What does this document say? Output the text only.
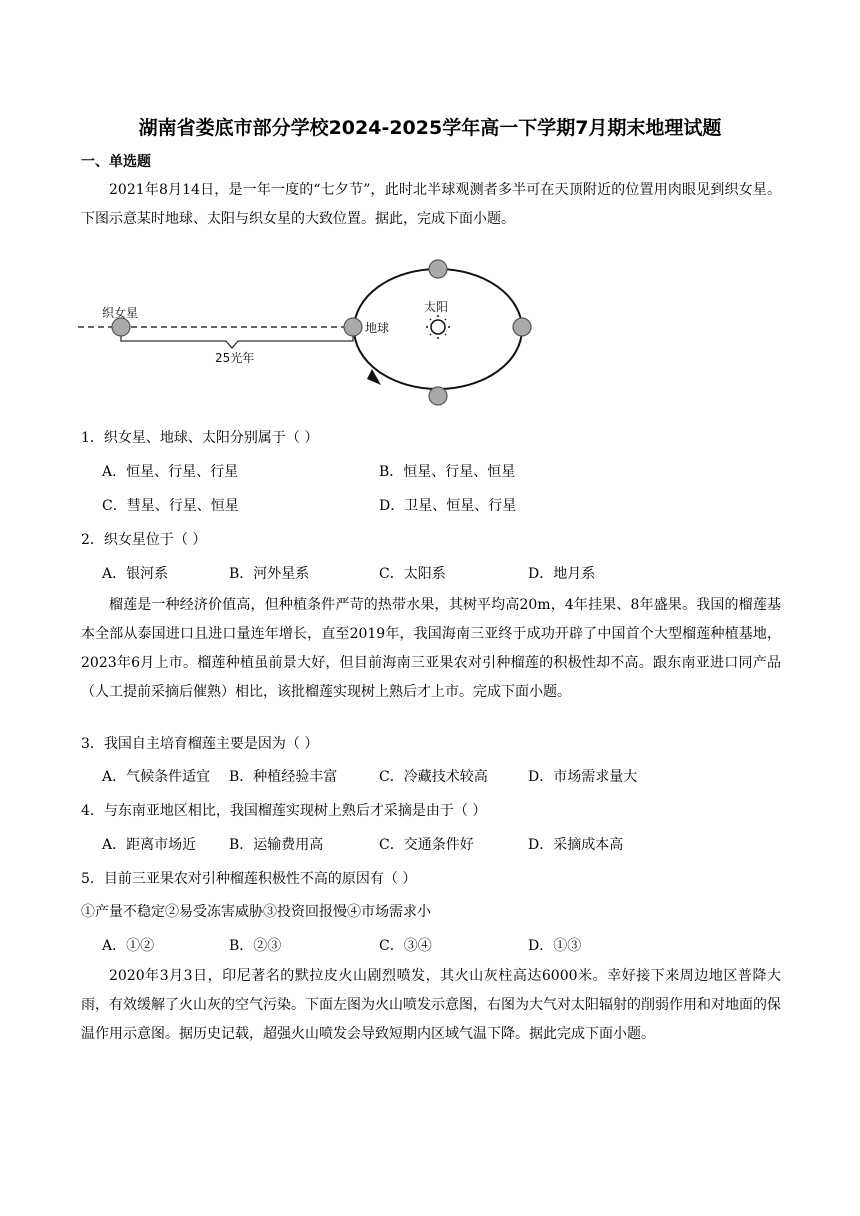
湖南省娄底市部分学校2024-2025学年高一下学期7月期末地理试题
一、单选题
2021年8月14日，是一年一度的“七夕节”，此时北半球观测者多半可在天顶附近的位置用肉眼见到织女星。下图示意某时地球、太阳与织女星的大致位置。据此，完成下面小题。
织女星
25光年
地球
太阳
1．织女星、地球、太阳分别属于（ ）
A．恒星、行星、行星	B．恒星、行星、恒星
C．彗星、行星、恒星	D．卫星、恒星、行星
2．织女星位于（ ）
A．银河系	B．河外星系	C．太阳系	D．地月系
榴莲是一种经济价值高，但种植条件严苛的热带水果，其树平均高20m，4年挂果、8年盛果。我国的榴莲基本全部从泰国进口且进口量连年增长，直至2019年，我国海南三亚终于成功开辟了中国首个大型榴莲种植基地，2023年6月上市。榴莲种植虽前景大好，但目前海南三亚果农对引种榴莲的积极性却不高。跟东南亚进口同产品（人工提前采摘后催熟）相比，该批榴莲实现树上熟后才上市。完成下面小题。
3．我国自主培育榴莲主要是因为（ ）
A．气候条件适宜 B．种植经验丰富	C．冷藏技术较高	D．市场需求量大
4．与东南亚地区相比，我国榴莲实现树上熟后才采摘是由于（ ）
A．距离市场近 B．运输费用高	C．交通条件好	D．采摘成本高
5．目前三亚果农对引种榴莲积极性不高的原因有（ ）
①产量不稳定②易受冻害威胁③投资回报慢④市场需求小
A．①②	B．②③	C．③④	D．①③
2020年3月3日，印尼著名的默拉皮火山剧烈喷发，其火山灰柱高达6000米。幸好接下来周边地区普降大雨，有效缓解了火山灰的空气污染。下面左图为火山喷发示意图，右图为大气对太阳辐射的削弱作用和对地面的保温作用示意图。据历史记载，超强火山喷发会导致短期内区域气温下降。据此完成下面小题。
